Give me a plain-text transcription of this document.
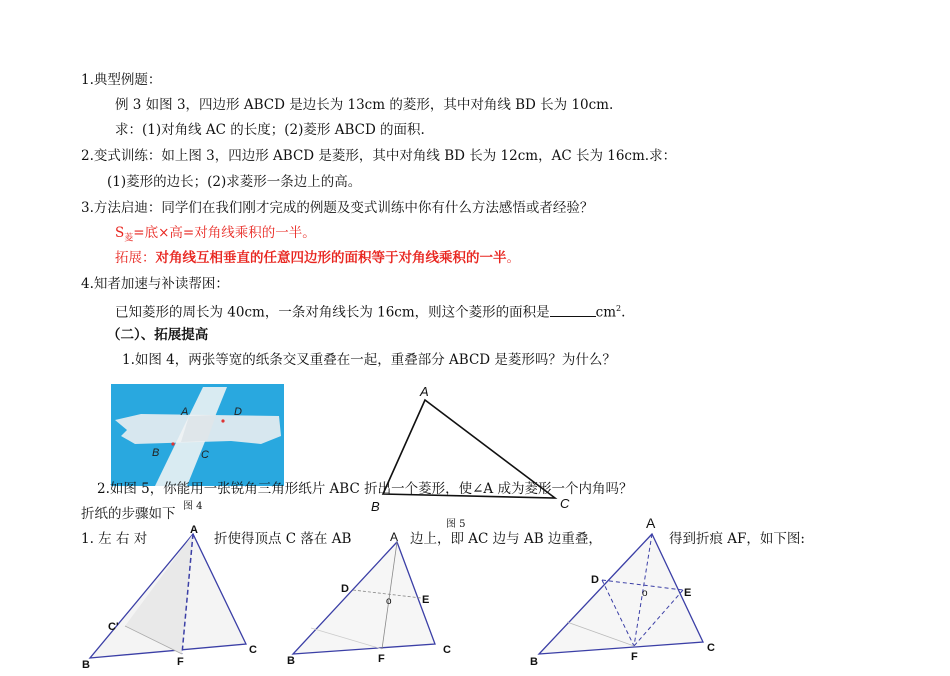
1.典型例题：
例 3 如图 3，四边形 ABCD 是边长为 13cm 的菱形，其中对角线 BD 长为 10cm.
求：(1)对角线 AC 的长度；(2)菱形 ABCD 的面积.
2.变式训练：如上图 3，四边形 ABCD 是菱形，其中对角线 BD 长为 12cm，AC 长为 16cm.求：
(1)菱形的边长；(2)求菱形一条边上的高。
3.方法启迪：同学们在我们刚才完成的例题及变式训练中你有什么方法感悟或者经验？
$S_菱=$底×高=对角线乘积的一半。
拓展：对角线互相垂直的任意四边形的面积等于对角线乘积的一半。
4.知者加速与补读帮困：
已知菱形的周长为 40cm，一条对角线长为 16cm，则这个菱形的面积是	$cm^2$.
（二）、拓展提高
1.如图 4，两张等宽的纸条交叉重叠在一起，重叠部分 ABCD 是菱形吗？为什么？
A	D
B	C
图 4
2.如图 5，你能用一张锐角三角形纸片 ABC 折出一个菱形，使∠A 成为菱形一个内角吗？
A
B	C
图 5
折纸的步骤如下
1. 左 右 对	折使得顶点 C 落在 AB	边上，即 AC 边与 AB 边重叠，	得到折痕 AF，如下图:
A
B
C
C'
F
A
B
C
D
E
F
o
A
B
C
D
E
F
o
